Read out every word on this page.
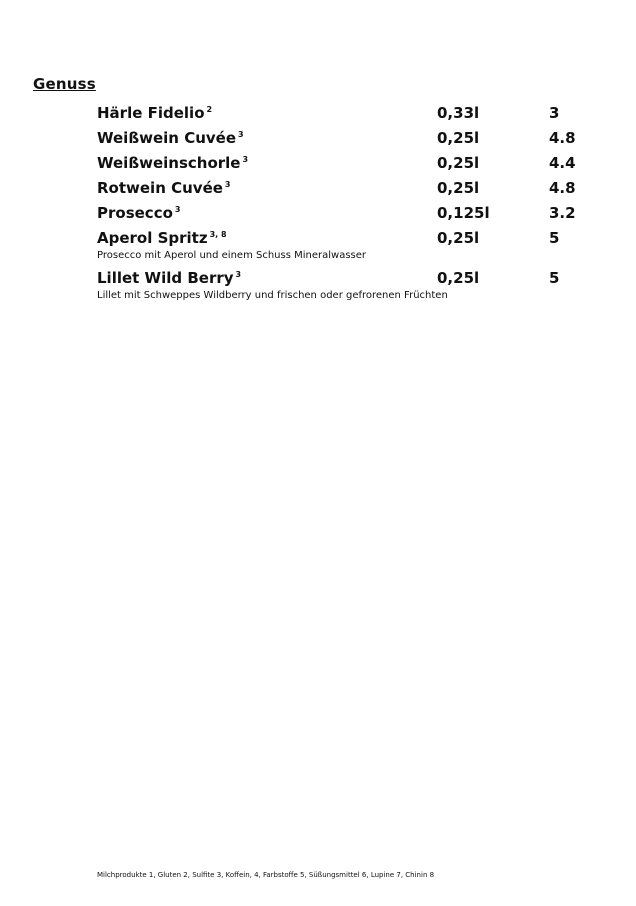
Genuss
Härle Fidelio $^2$	0,33l	3
Weißwein Cuvée $^3$	0,25l	4.8
Weißweinschorle $^3$	0,25l	4.4
Rotwein Cuvée $^3$	0,25l	4.8
Prosecco $^3$	0,125l	3.2
Aperol Spritz $^{3, 8}$	0,25l	5
Prosecco mit Aperol und einem Schuss Mineralwasser
Lillet Wild Berry $^3$	0,25l	5
Lillet mit Schweppes Wildberry und frischen oder gefrorenen Früchten
Milchprodukte 1, Gluten 2, Sulfite 3, Koffein, 4, Farbstoffe 5, Süßungsmittel 6, Lupine 7, Chinin 8
